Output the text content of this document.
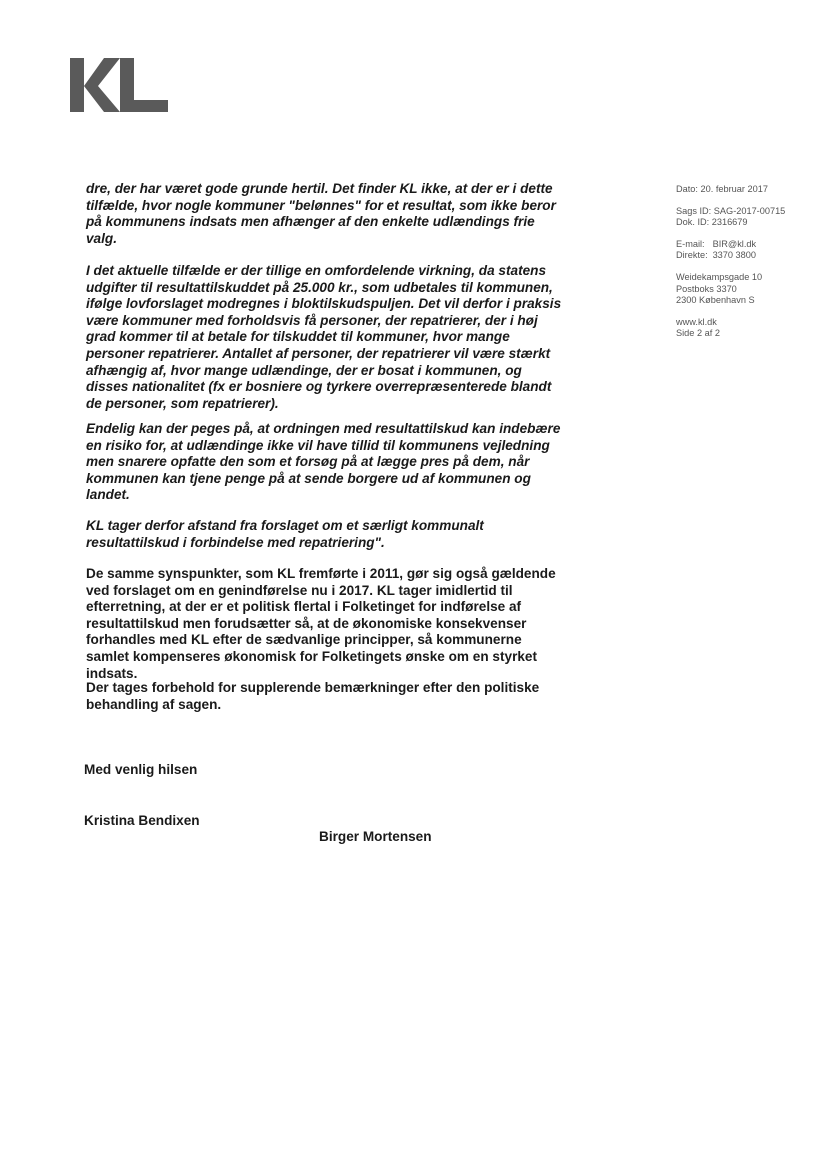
Dato: 20. februar 2017
Sags ID: SAG-2017-00715
Dok. ID: 2316679
E-mail: BIR@kl.dk
Direkte: 3370 3800
Weidekampsgade 10
Postboks 3370
2300 København S
www.kl.dk
Side 2 af 2

dre, der har været gode grunde hertil. Det finder KL ikke, at der er i dette tilfælde, hvor nogle kommuner "belønnes" for et resultat, som ikke beror på kommunens indsats men afhænger af den enkelte udlændings frie valg.

I det aktuelle tilfælde er der tillige en omfordelende virkning, da statens udgifter til resultattilskuddet på 25.000 kr., som udbetales til kommunen, ifølge lovforslaget modregnes i bloktilskudspuljen. Det vil derfor i praksis være kommuner med forholdsvis få personer, der repatrierer, der i høj grad kommer til at betale for tilskuddet til kommuner, hvor mange personer repatrierer. Antallet af personer, der repatrierer vil være stærkt afhængig af, hvor mange udlændinge, der er bosat i kommunen, og disses nationalitet (fx er bosniere og tyrkere overrepræsenterede blandt de personer, som repatrierer).

Endelig kan der peges på, at ordningen med resultattilskud kan indebære en risiko for, at udlændinge ikke vil have tillid til kommunens vejledning men snarere opfatte den som et forsøg på at lægge pres på dem, når kommunen kan tjene penge på at sende borgere ud af kommunen og landet.

KL tager derfor afstand fra forslaget om et særligt kommunalt resultattilskud i forbindelse med repatriering".

De samme synspunkter, som KL fremførte i 2011, gør sig også gældende ved forslaget om en genindførelse nu i 2017. KL tager imidlertid til efterretning, at der er et politisk flertal i Folketinget for indførelse af resultattilskud men forudsætter så, at de økonomiske konsekvenser forhandles med KL efter de sædvanlige principper, så kommunerne samlet kompenseres økonomisk for Folketingets ønske om en styrket indsats.

Der tages forbehold for supplerende bemærkninger efter den politiske behandling af sagen.

Med venlig hilsen
Kristina Bendixen
Birger Mortensen
